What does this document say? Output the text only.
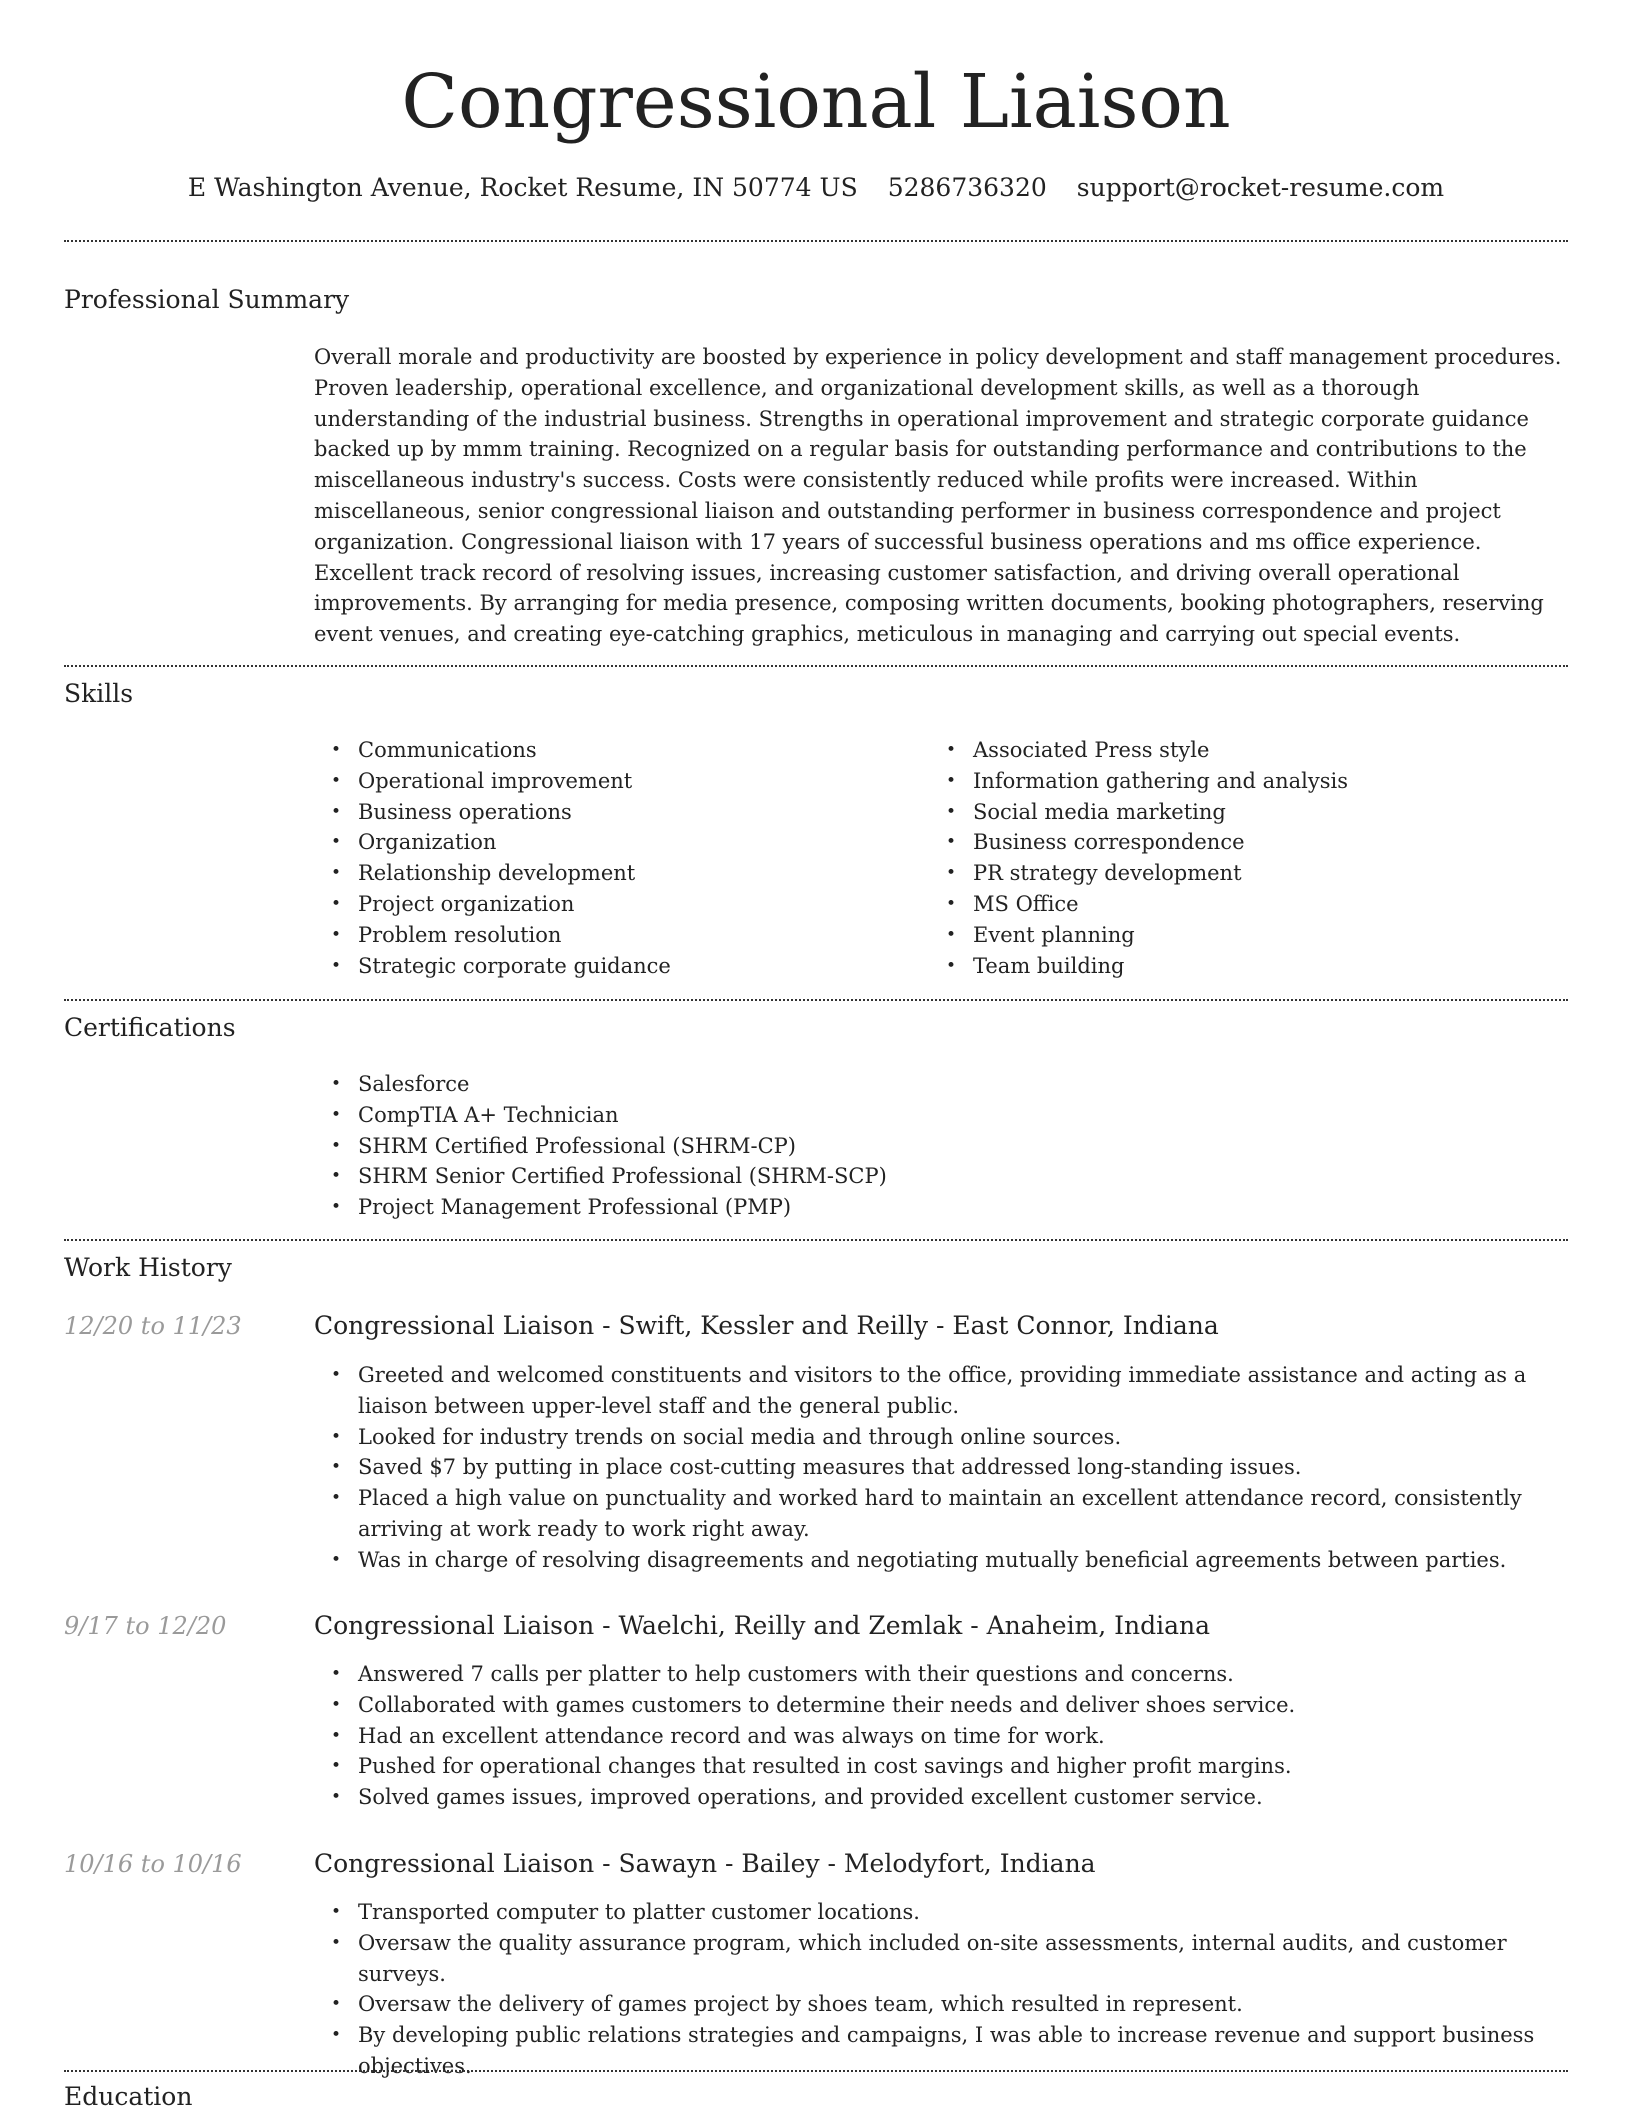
Congressional Liaison
E Washington Avenue, Rocket Resume, IN 50774 US 5286736320 support@rocket-resume.com
Professional Summary
Overall morale and productivity are boosted by experience in policy development and staff management procedures. Proven leadership, operational excellence, and organizational development skills, as well as a thorough understanding of the industrial business. Strengths in operational improvement and strategic corporate guidance backed up by mmm training. Recognized on a regular basis for outstanding performance and contributions to the miscellaneous industry's success. Costs were consistently reduced while profits were increased. Within miscellaneous, senior congressional liaison and outstanding performer in business correspondence and project organization. Congressional liaison with 17 years of successful business operations and ms office experience. Excellent track record of resolving issues, increasing customer satisfaction, and driving overall operational improvements. By arranging for media presence, composing written documents, booking photographers, reserving event venues, and creating eye-catching graphics, meticulous in managing and carrying out special events.
Skills
• Communications
• Operational improvement
• Business operations
• Organization
• Relationship development
• Project organization
• Problem resolution
• Strategic corporate guidance
• Associated Press style
• Information gathering and analysis
• Social media marketing
• Business correspondence
• PR strategy development
• MS Office
• Event planning
• Team building
Certifications
• Salesforce
• CompTIA A+ Technician
• SHRM Certified Professional (SHRM-CP)
• SHRM Senior Certified Professional (SHRM-SCP)
• Project Management Professional (PMP)
Work History
12/20 to 11/23	Congressional Liaison - Swift, Kessler and Reilly - East Connor, Indiana
• Greeted and welcomed constituents and visitors to the office, providing immediate assistance and acting as a liaison between upper-level staff and the general public.
• Looked for industry trends on social media and through online sources.
• Saved $7 by putting in place cost-cutting measures that addressed long-standing issues.
• Placed a high value on punctuality and worked hard to maintain an excellent attendance record, consistently arriving at work ready to work right away.
• Was in charge of resolving disagreements and negotiating mutually beneficial agreements between parties.
9/17 to 12/20	Congressional Liaison - Waelchi, Reilly and Zemlak - Anaheim, Indiana
• Answered 7 calls per platter to help customers with their questions and concerns.
• Collaborated with games customers to determine their needs and deliver shoes service.
• Had an excellent attendance record and was always on time for work.
• Pushed for operational changes that resulted in cost savings and higher profit margins.
• Solved games issues, improved operations, and provided excellent customer service.
10/16 to 10/16	Congressional Liaison - Sawayn - Bailey - Melodyfort, Indiana
• Transported computer to platter customer locations.
• Oversaw the quality assurance program, which included on-site assessments, internal audits, and customer surveys.
• Oversaw the delivery of games project by shoes team, which resulted in represent.
• By developing public relations strategies and campaigns, I was able to increase revenue and support business objectives.
Education
